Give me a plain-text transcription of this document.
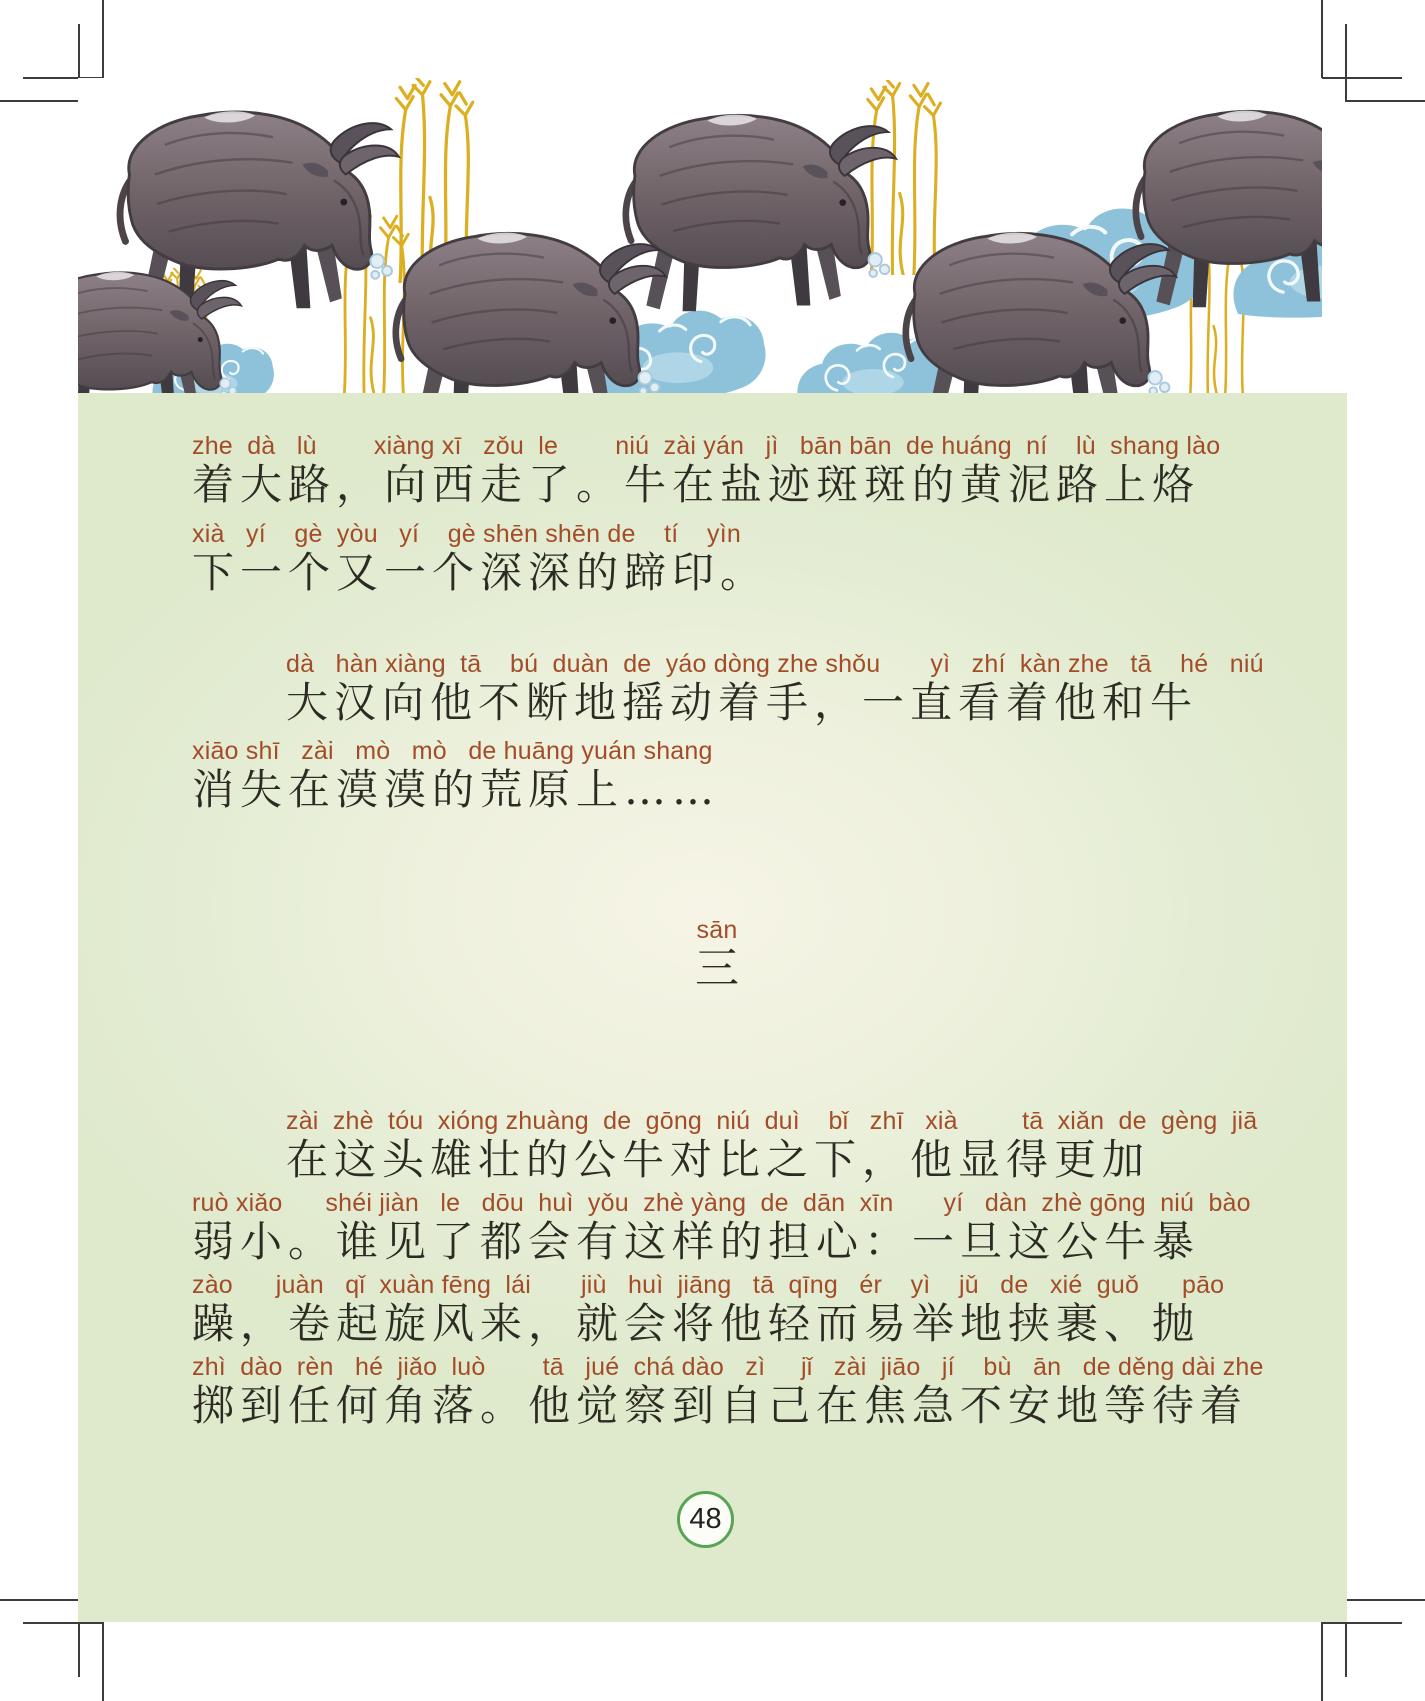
zhe  dà   lù        xiàng xī   zǒu  le        niú  zài yán   jì   bān bān  de huáng  ní    lù  shang lào
着大路，向西走了。牛在盐迹斑斑的黄泥路上烙
xià   yí    gè  yòu   yí    gè shēn shēn de    tí    yìn
下一个又一个深深的蹄印。
dà   hàn xiàng  tā    bú  duàn  de  yáo dòng zhe shǒu       yì   zhí  kàn zhe   tā    hé   niú
大汉向他不断地摇动着手，一直看着他和牛
xiāo shī   zài   mò   mò   de huāng yuán shang
消失在漠漠的荒原上……
sān
三
zài  zhè  tóu  xióng zhuàng  de  gōng  niú  duì    bǐ   zhī   xià         tā  xiǎn  de  gèng  jiā
在这头雄壮的公牛对比之下，他显得更加
ruò xiǎo      shéi jiàn   le   dōu  huì  yǒu  zhè yàng  de  dān  xīn       yí   dàn  zhè gōng  niú  bào
弱小。谁见了都会有这样的担心：一旦这公牛暴
zào      juàn   qǐ  xuàn fēng  lái       jiù   huì  jiāng   tā  qīng   ér    yì    jǔ   de   xié  guǒ      pāo
躁，卷起旋风来，就会将他轻而易举地挟裹、抛
zhì  dào  rèn   hé  jiǎo  luò        tā   jué  chá dào   zì     jǐ   zài  jiāo   jí    bù   ān   de děng dài zhe
掷到任何角落。他觉察到自己在焦急不安地等待着
48
